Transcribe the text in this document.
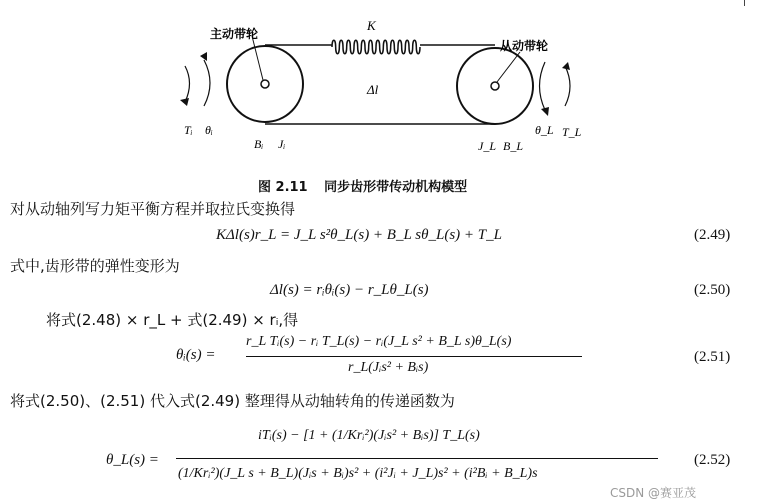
主动带轮
从动带轮
K
Δl
Tᵢ θᵢ
Bᵢ Jᵢ	J_L B_L
θ_L T_L
图 2.11 同步齿形带传动机构模型
对从动轴列写力矩平衡方程并取拉氏变换得
KΔl(s)r_L = J_L s²θ_L(s) + B_L sθ_L(s) + T_L	(2.49)
式中,齿形带的弹性变形为
Δl(s) = rᵢθᵢ(s) − r_Lθ_L(s)	(2.50)
将式(2.48) × r_L + 式(2.49) × rᵢ,得
θᵢ(s) =
r_L Tᵢ(s) − rᵢ T_L(s) − rᵢ(J_L s² + B_L s)θ_L(s)
r_L(Jᵢs² + Bᵢs)
(2.51)
将式(2.50)、(2.51) 代入式(2.49) 整理得从动轴转角的传递函数为
θ_L(s) =
iTᵢ(s) − [1 + (1/Krᵢ²)(Jᵢs² + Bᵢs)] T_L(s)
(1/Krᵢ²)(J_L s + B_L)(Jᵢs + Bᵢ)s² + (i²Jᵢ + J_L)s² + (i²Bᵢ + B_L)s
(2.52)
CSDN @赛亚茂
